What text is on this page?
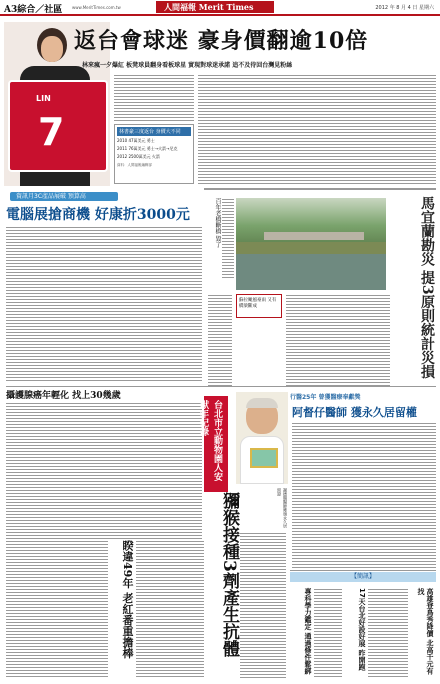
A3綜合／社區 www.MeritTimes.com.tw	人間福報 Merit Times	2012 年 8 月 4 日 星期六
LIN
7
返台會球迷 豪身價翻逾10倍
林來瘋一夕爆紅 板凳球員翻身看板球星 實現對球迷承諾 追不及待回台灣見粉絲
林書豪三度返台 身價大不同
2010 47萬美元 勇士
2011 76萬美元 勇士→火箭→尼克
2012 2500萬美元 火箭
資料：人間福報編輯部
資訊月3C產品展破 預算高
電腦展搶商機 好康折3000元	百年老橋斷橋 毀了
蘇拉颱風豪雨 又有橋梁斷成	馬宜蘭勘災 提3原則統計災損
攝護腺癌年輕化 找上30幾歲
台北市立動物園人安獸年紀錄
獼猴接種3劑產生抗體	謝德順醫師獲頒永久居留證
行醫25年 曾獲醫療奉獻獎
阿督仔醫師 獲永久居留權
【簡訊】
專科學力鑑定 通過條件鬆綁	17天台北好設好展 昨開跑	高雄登鳥秀降價 北高千元有找
睽違49年 老紅番重擔棒
